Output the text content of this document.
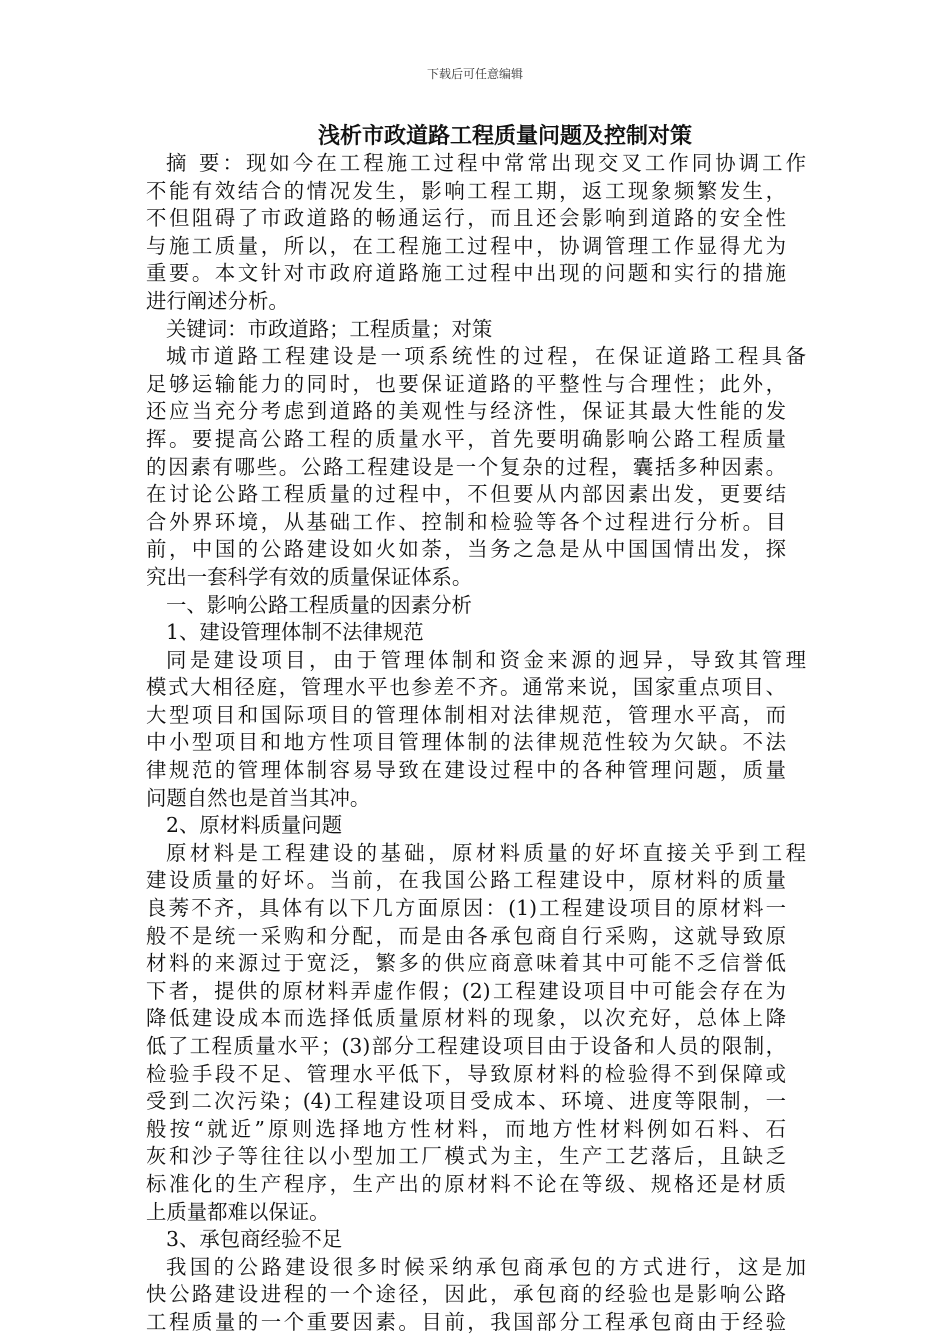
下载后可任意编辑
浅析市政道路工程质量问题及控制对策
摘 要：现如今在工程施工过程中常常出现交叉工作同协调工作
不能有效结合的情况发生，影响工程工期，返工现象频繁发生，
不但阻碍了市政道路的畅通运行，而且还会影响到道路的安全性
与施工质量，所以，在工程施工过程中，协调管理工作显得尤为
重要。本文针对市政府道路施工过程中出现的问题和实行的措施
进行阐述分析。
关键词：市政道路；工程质量；对策
城市道路工程建设是一项系统性的过程，在保证道路工程具备
足够运输能力的同时，也要保证道路的平整性与合理性；此外，
还应当充分考虑到道路的美观性与经济性，保证其最大性能的发
挥。要提高公路工程的质量水平，首先要明确影响公路工程质量
的因素有哪些。公路工程建设是一个复杂的过程，囊括多种因素。
在讨论公路工程质量的过程中，不但要从内部因素出发，更要结
合外界环境，从基础工作、控制和检验等各个过程进行分析。目
前，中国的公路建设如火如荼，当务之急是从中国国情出发，探
究出一套科学有效的质量保证体系。
一、影响公路工程质量的因素分析
1、建设管理体制不法律规范
同是建设项目，由于管理体制和资金来源的迥异，导致其管理
模式大相径庭，管理水平也参差不齐。通常来说，国家重点项目、
大型项目和国际项目的管理体制相对法律规范，管理水平高，而
中小型项目和地方性项目管理体制的法律规范性较为欠缺。不法
律规范的管理体制容易导致在建设过程中的各种管理问题，质量
问题自然也是首当其冲。
2、原材料质量问题
原材料是工程建设的基础，原材料质量的好坏直接关乎到工程
建设质量的好坏。当前，在我国公路工程建设中，原材料的质量
良莠不齐，具体有以下几方面原因：(1)工程建设项目的原材料一
般不是统一采购和分配，而是由各承包商自行采购，这就导致原
材料的来源过于宽泛，繁多的供应商意味着其中可能不乏信誉低
下者，提供的原材料弄虚作假；(2)工程建设项目中可能会存在为
降低建设成本而选择低质量原材料的现象，以次充好，总体上降
低了工程质量水平；(3)部分工程建设项目由于设备和人员的限制，
检验手段不足、管理水平低下，导致原材料的检验得不到保障或
受到二次污染；(4)工程建设项目受成本、环境、进度等限制，一
般按“就近”原则选择地方性材料，而地方性材料例如石料、石
灰和沙子等往往以小型加工厂模式为主，生产工艺落后，且缺乏
标准化的生产程序，生产出的原材料不论在等级、规格还是材质
上质量都难以保证。
3、承包商经验不足
我国的公路建设很多时候采纳承包商承包的方式进行，这是加
快公路建设进程的一个途径，因此，承包商的经验也是影响公路
工程质量的一个重要因素。目前，我国部分工程承包商由于经验
